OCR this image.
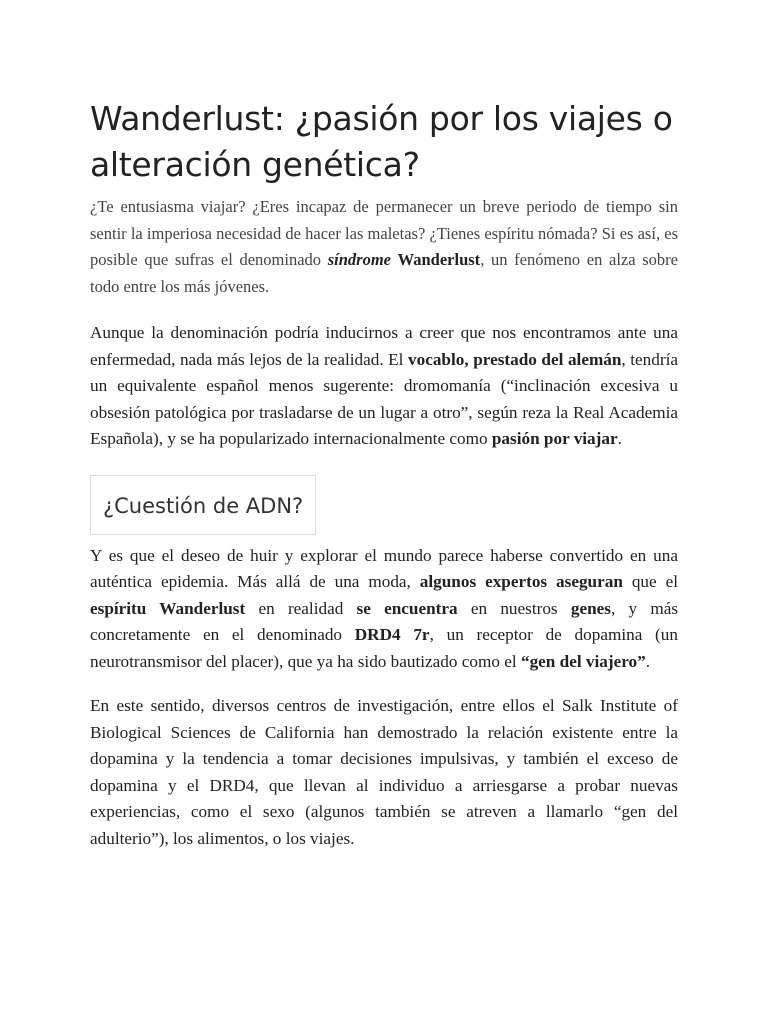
Wanderlust: ¿pasión por los viajes o alteración genética?

¿Te entusiasma viajar? ¿Eres incapaz de permanecer un breve periodo de tiempo sin sentir la imperiosa necesidad de hacer las maletas? ¿Tienes espíritu nómada? Si es así, es posible que sufras el denominado síndrome Wanderlust, un fenómeno en alza sobre todo entre los más jóvenes.

Aunque la denominación podría inducirnos a creer que nos encontramos ante una enfermedad, nada más lejos de la realidad. El vocablo, prestado del alemán, tendría un equivalente español menos sugerente: dromomanía (“inclinación excesiva u obsesión patológica por trasladarse de un lugar a otro”, según reza la Real Academia Española), y se ha popularizado internacionalmente como pasión por viajar.

¿Cuestión de ADN?

Y es que el deseo de huir y explorar el mundo parece haberse convertido en una auténtica epidemia. Más allá de una moda, algunos expertos aseguran que el espíritu Wanderlust en realidad se encuentra en nuestros genes, y más concretamente en el denominado DRD4 7r, un receptor de dopamina (un neurotransmisor del placer), que ya ha sido bautizado como el “gen del viajero”.

En este sentido, diversos centros de investigación, entre ellos el Salk Institute of Biological Sciences de California han demostrado la relación existente entre la dopamina y la tendencia a tomar decisiones impulsivas, y también el exceso de dopamina y el DRD4, que llevan al individuo a arriesgarse a probar nuevas experiencias, como el sexo (algunos también se atreven a llamarlo “gen del adulterio”), los alimentos, o los viajes.
